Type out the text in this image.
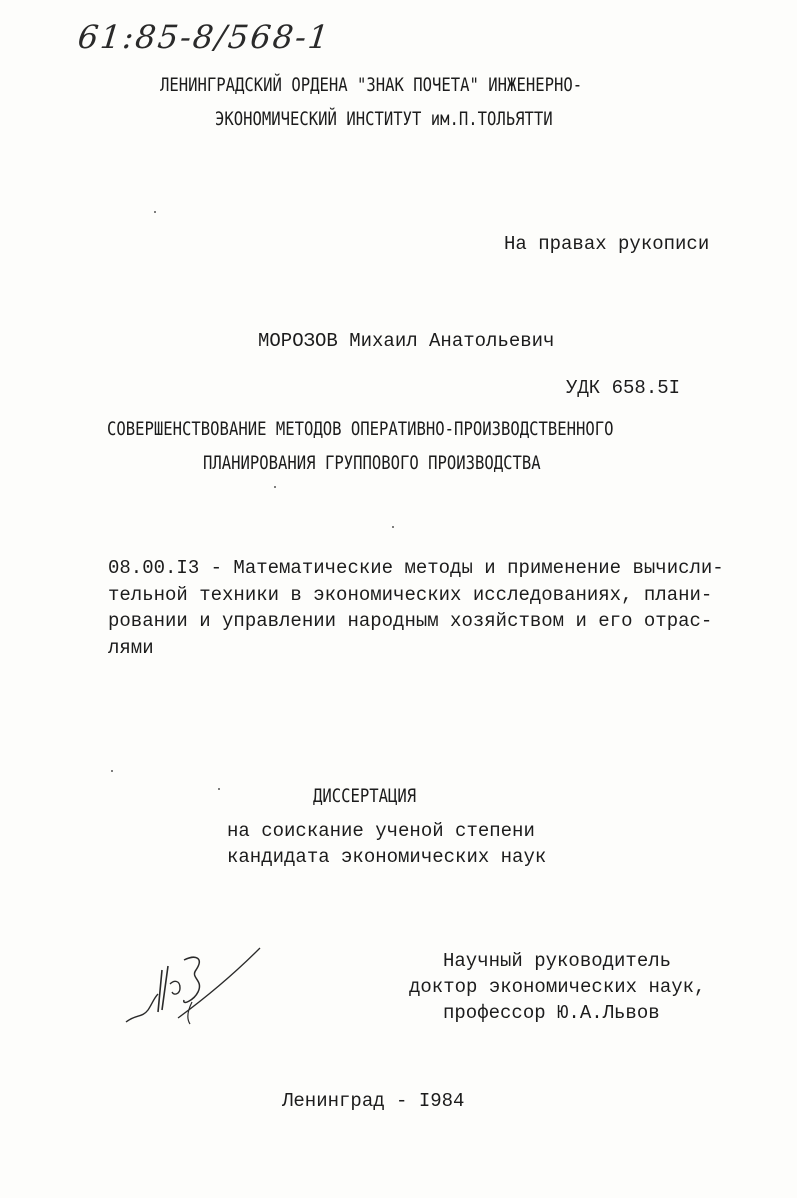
61:85-8/568-1
ЛЕНИНГРАДСКИЙ ОРДЕНА "ЗНАК ПОЧЕТА" ИНЖЕНЕРНО-
ЭКОНОМИЧЕСКИЙ ИНСТИТУТ им.П.ТОЛЬЯТТИ
На правах рукописи
МОРОЗОВ Михаил Анатольевич
УДК 658.5I
СОВЕРШЕНСТВОВАНИЕ МЕТОДОВ ОПЕРАТИВНО-ПРОИЗВОДСТВЕННОГО
ПЛАНИРОВАНИЯ ГРУППОВОГО ПРОИЗВОДСТВА
08.00.I3 - Математические методы и применение вычисли-
тельной техники в экономических исследованиях, плани-
ровании и управлении народным хозяйством и его отрас-
лями
ДИССЕРТАЦИЯ
на соискание ученой степени
кандидата экономических наук
Научный руководитель
доктор экономических наук,
профессор Ю.А.Львов
Ленинград - I984
